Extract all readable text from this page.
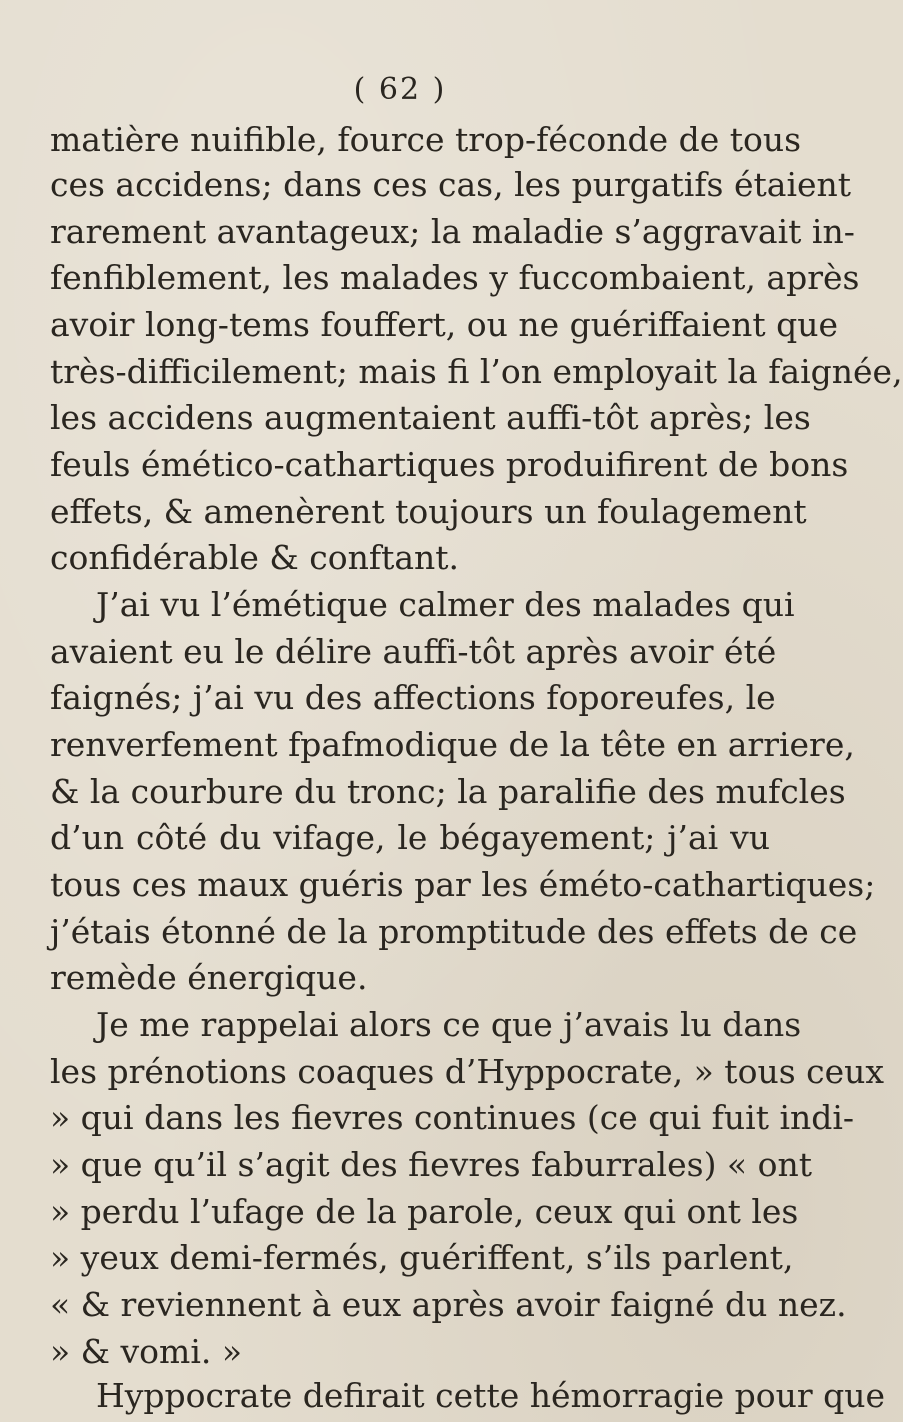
( 62 )
matière nuifible, fource trop-féconde de tous
ces accidens; dans ces cas, les purgatifs étaient
rarement avantageux; la maladie s’aggravait in-
fenfiblement, les malades y fuccombaient, après
avoir long-tems fouffert, ou ne guériffaient que
très-difficilement; mais fi l’on employait la faignée,
les accidens augmentaient auffi-tôt après; les
feuls émético-cathartiques produifirent de bons
effets, & amenèrent toujours un foulagement
confidérable & conftant.
J’ai vu l’émétique calmer des malades qui
avaient eu le délire auffi-tôt après avoir été
faignés; j’ai vu des affections foporeufes, le
renverfement fpafmodique de la tête en arriere,
& la courbure du tronc; la paralifie des mufcles
d’un côté du vifage, le bégayement; j’ai vu
tous ces maux guéris par les éméto-cathartiques;
j’étais étonné de la promptitude des effets de ce
remède énergique.
Je me rappelai alors ce que j’avais lu dans
les prénotions coaques d’Hyppocrate, » tous ceux
» qui dans les fievres continues (ce qui fuit indi-
» que qu’il s’agit des fievres faburrales) « ont
» perdu l’ufage de la parole, ceux qui ont les
» yeux demi-fermés, guériffent, s’ils parlent,
« & reviennent à eux après avoir faigné du nez.
» & vomi. »
Hyppocrate defirait cette hémorragie pour que
